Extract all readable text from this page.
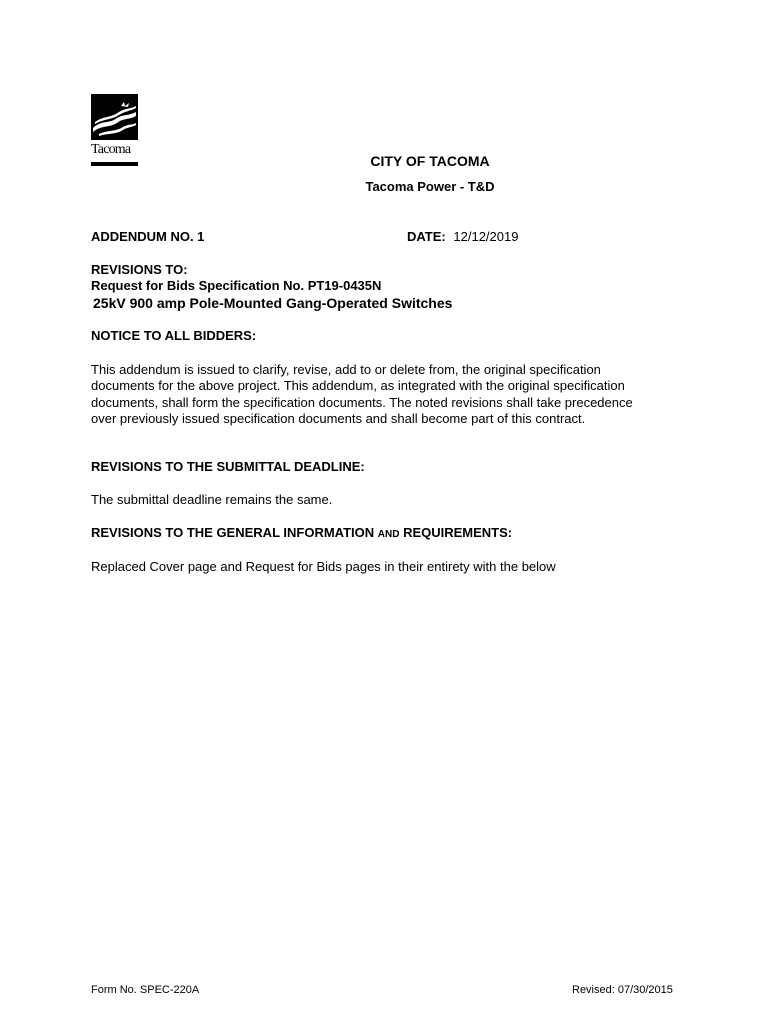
Tacoma
CITY OF TACOMA
Tacoma Power - T&D
ADDENDUM NO. 1	DATE: 12/12/2019
REVISIONS TO:
Request for Bids Specification No. PT19-0435N
25kV 900 amp Pole-Mounted Gang-Operated Switches
NOTICE TO ALL BIDDERS:
This addendum is issued to clarify, revise, add to or delete from, the original specification
documents for the above project. This addendum, as integrated with the original specification
documents, shall form the specification documents. The noted revisions shall take precedence
over previously issued specification documents and shall become part of this contract.
REVISIONS TO THE SUBMITTAL DEADLINE:
The submittal deadline remains the same.
REVISIONS TO THE GENERAL INFORMATION AND REQUIREMENTS:
Replaced Cover page and Request for Bids pages in their entirety with the below
Form No. SPEC-220A	Revised: 07/30/2015
